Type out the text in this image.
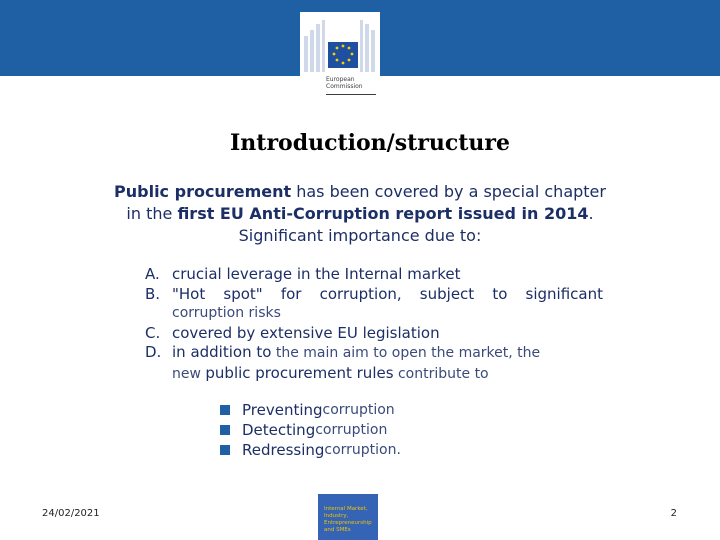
European
Commission
Introduction/structure
Public procurement has been covered by a special chapter in the first EU Anti-Corruption report issued in 2014. Significant importance due to:
A. crucial leverage in the Internal market
B. "Hot spot" for corruption, subject to significant
corruption risks
C. covered by extensive EU legislation
D. in addition to the main aim to open the market, the
new public procurement rules contribute to
Preventing corruption
Detecting corruption
Redressing corruption.
24/02/2021	Internal Market,
Industry, Entrepreneurship
and SMEs
2
